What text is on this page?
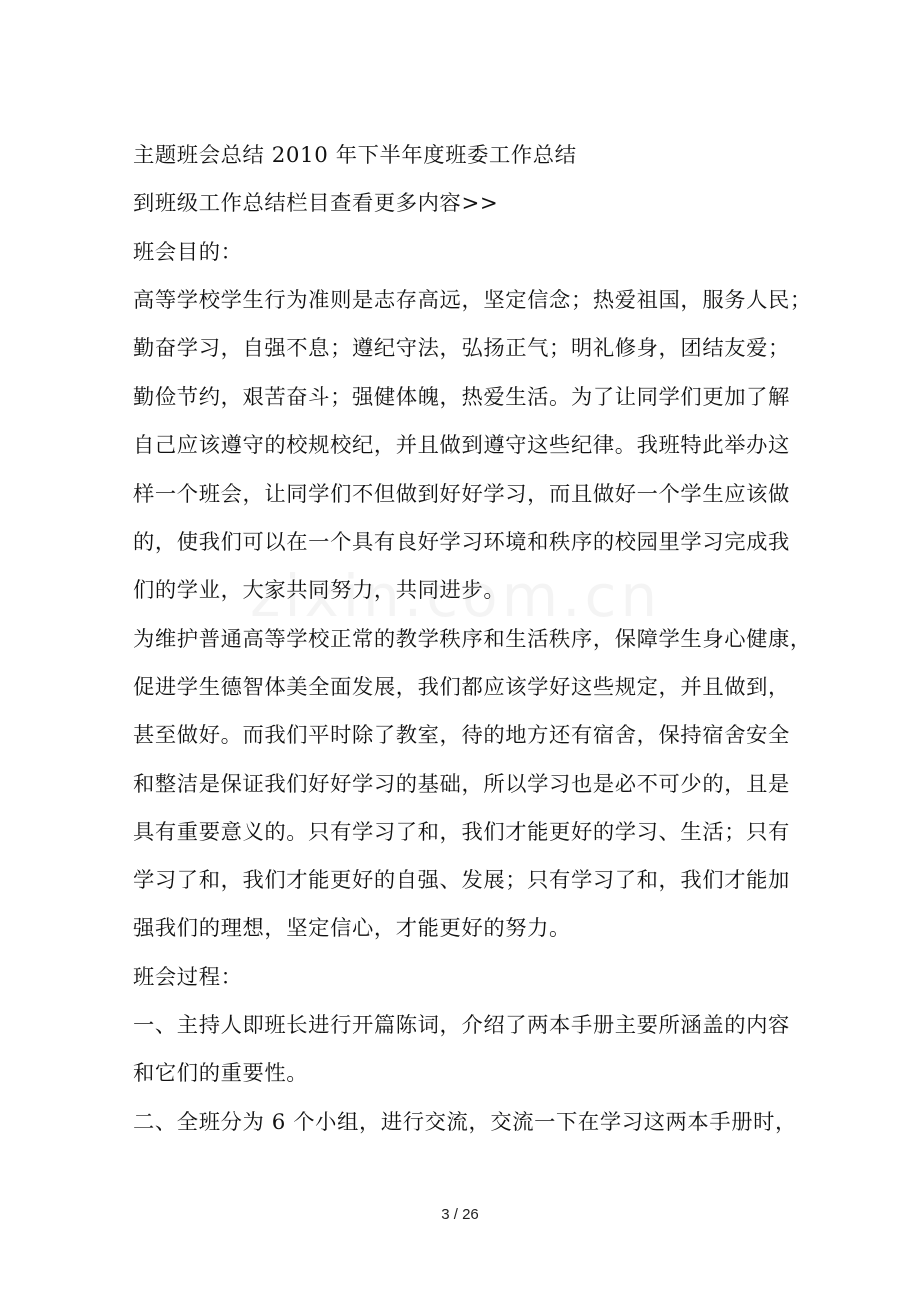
主题班会总结 2010 年下半年度班委工作总结
到班级工作总结栏目查看更多内容>>
班会目的：
高等学校学生行为准则是志存高远，坚定信念；热爱祖国，服务人民；
勤奋学习，自强不息；遵纪守法，弘扬正气；明礼修身，团结友爱；
勤俭节约，艰苦奋斗；强健体魄，热爱生活。为了让同学们更加了解
自己应该遵守的校规校纪，并且做到遵守这些纪律。我班特此举办这
样一个班会，让同学们不但做到好好学习，而且做好一个学生应该做
的，使我们可以在一个具有良好学习环境和秩序的校园里学习完成我
们的学业，大家共同努力，共同进步。
为维护普通高等学校正常的教学秩序和生活秩序，保障学生身心健康，
促进学生德智体美全面发展，我们都应该学好这些规定，并且做到，
甚至做好。而我们平时除了教室，待的地方还有宿舍，保持宿舍安全
和整洁是保证我们好好学习的基础，所以学习也是必不可少的，且是
具有重要意义的。只有学习了和，我们才能更好的学习、生活；只有
学习了和，我们才能更好的自强、发展；只有学习了和，我们才能加
强我们的理想，坚定信心，才能更好的努力。
班会过程：
一、主持人即班长进行开篇陈词，介绍了两本手册主要所涵盖的内容
和它们的重要性。
二、全班分为 6 个小组，进行交流，交流一下在学习这两本手册时，
3 / 26
